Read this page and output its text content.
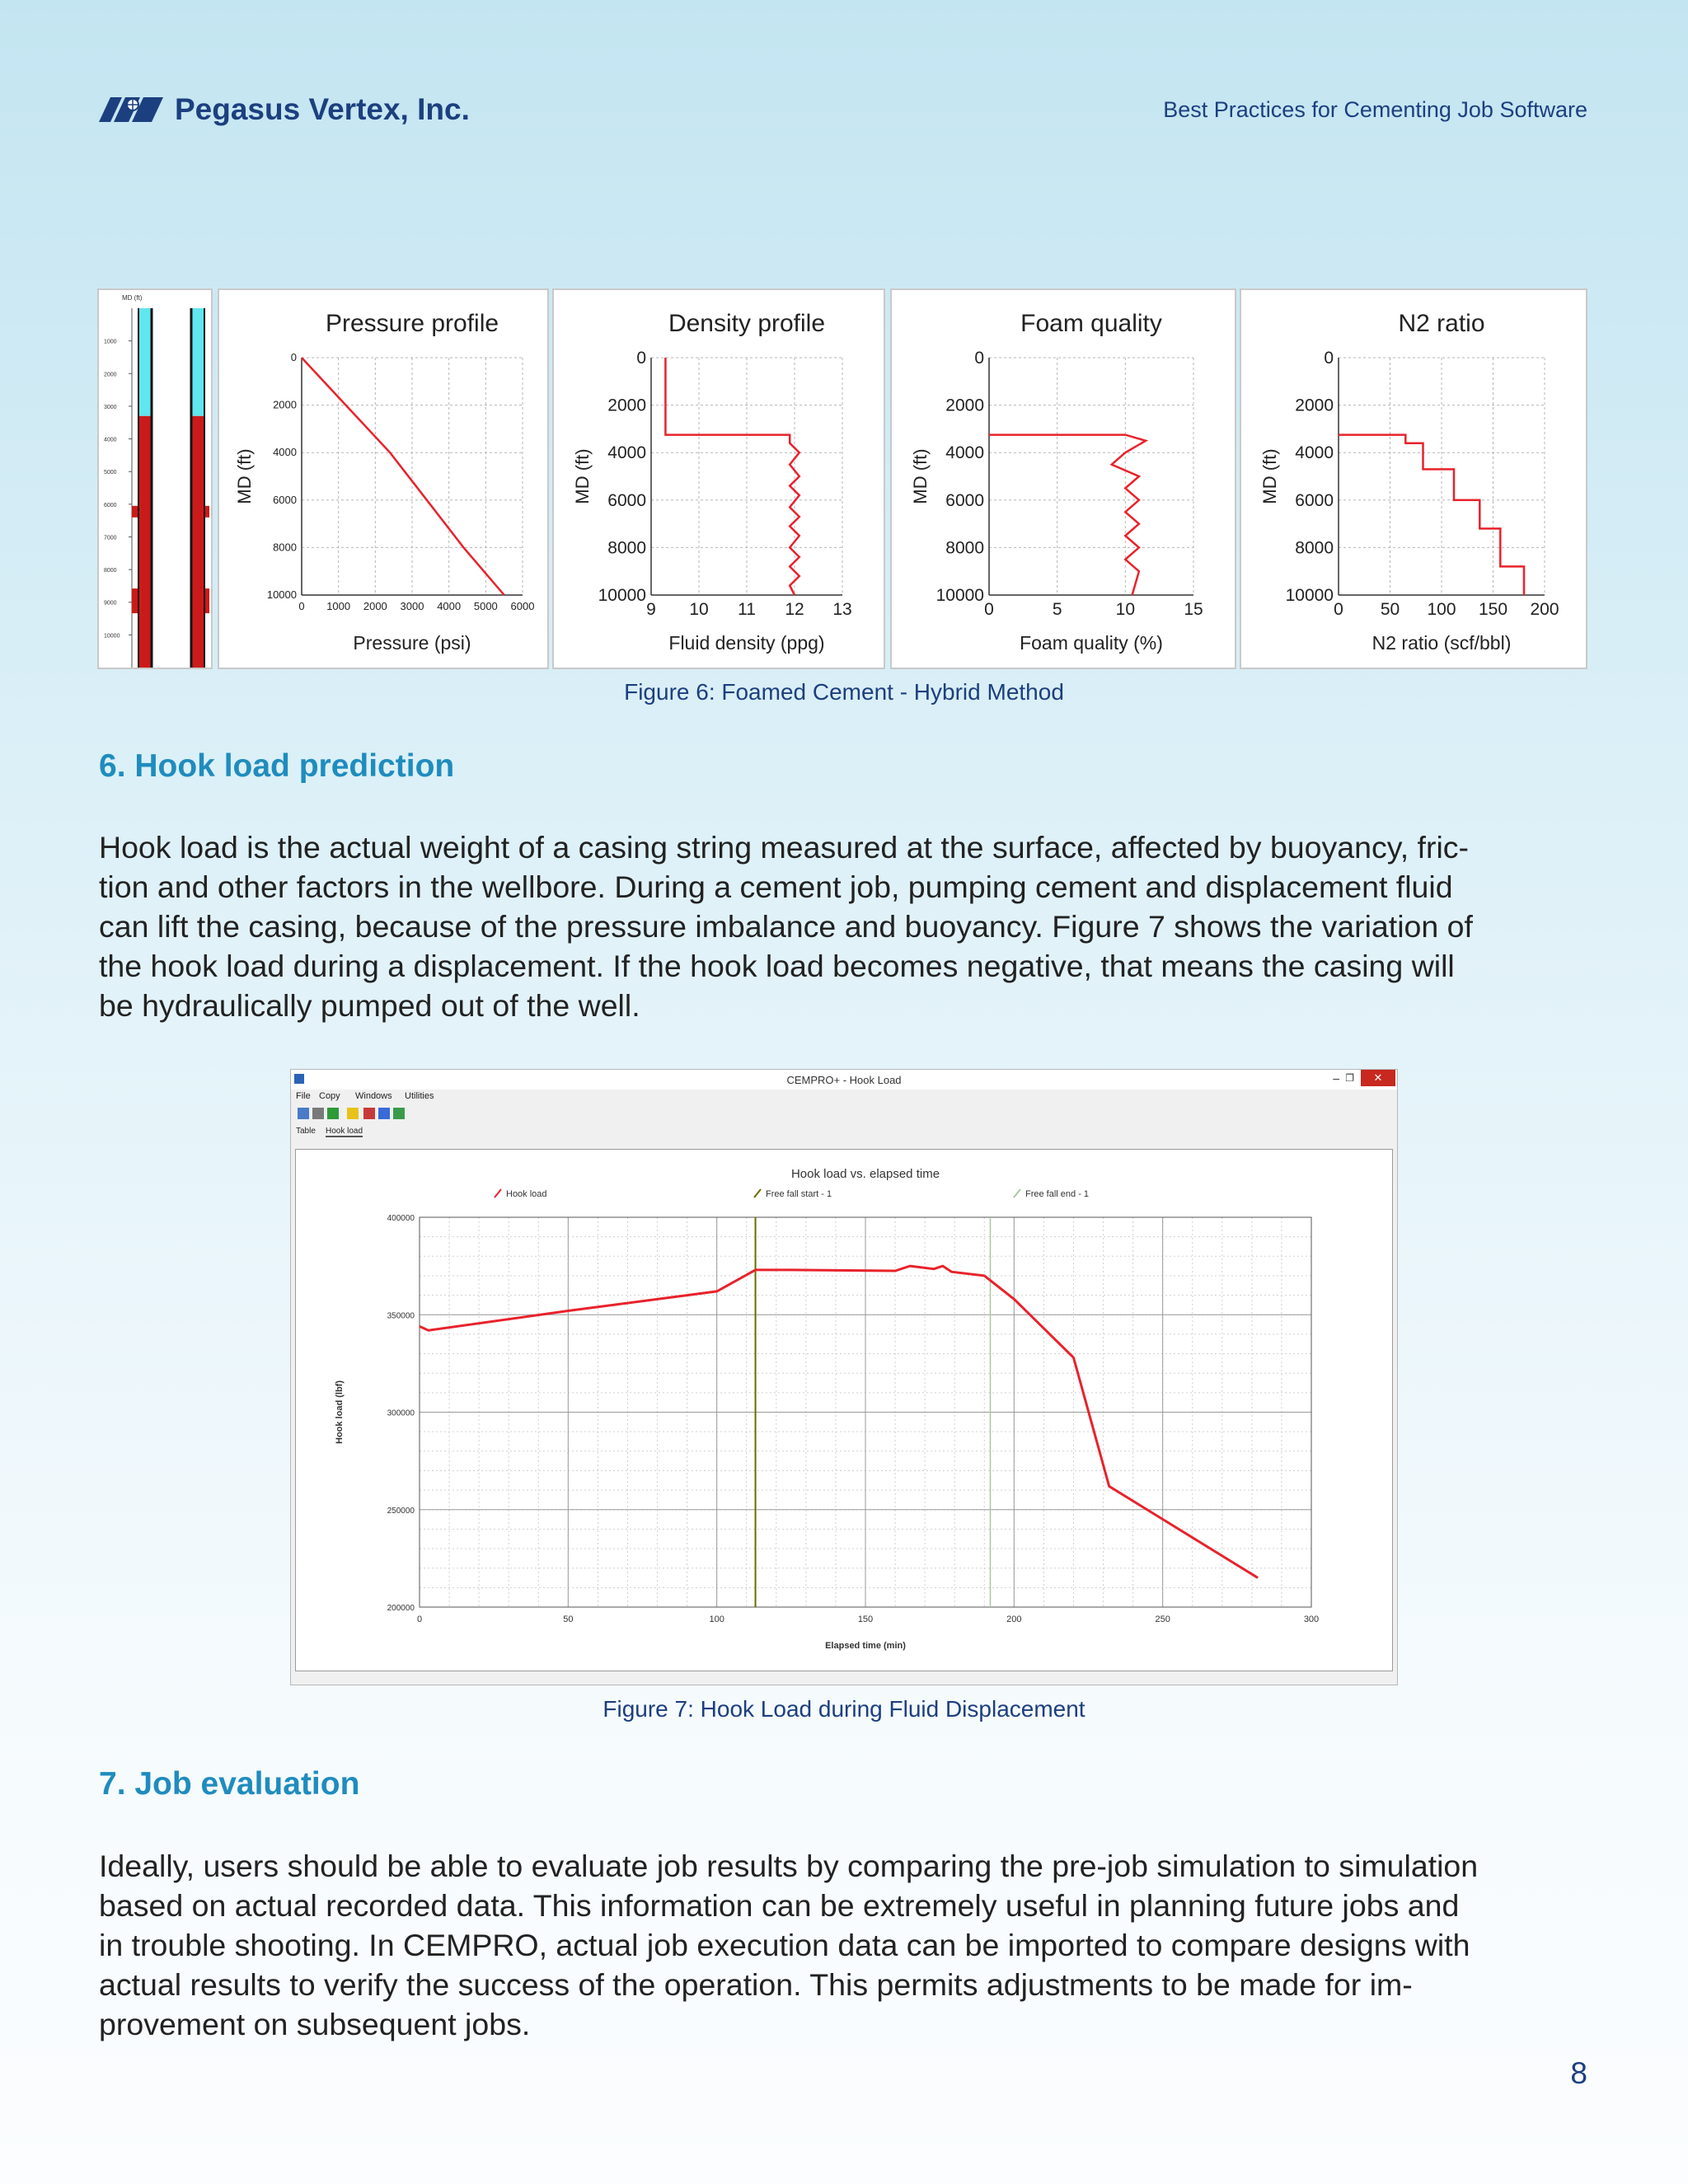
Pegasus Vertex, Inc.	Best Practices for Cementing Job Software
MD (ft)
1000
2000
3000
4000
5000
6000
7000
8000
9000
10000
Pressure profile
0 1000 2000 3000 4000 5000 6000
0
2000
4000
6000
8000
10000
Pressure (psi)
MD (ft)
Density profile
9 10 11 12 13
0
2000
4000
6000
8000
10000
Fluid density (ppg)
MD (ft)
Foam quality
0	5	10	15
0
2000
4000
6000
8000
10000
Foam quality (%)
MD (ft)
N2 ratio
0 50 100 150 200
0
2000
4000
6000
8000
10000
N2 ratio (scf/bbl)
MD (ft)
Figure 6: Foamed Cement - Hybrid Method
6. Hook load prediction
Hook load is the actual weight of a casing string measured at the surface, affected by buoyancy, fric-
tion and other factors in the wellbore. During a cement job, pumping cement and displacement fluid
can lift the casing, because of the pressure imbalance and buoyancy. Figure 7 shows the variation of
the hook load during a displacement. If the hook load becomes negative, that means the casing will
be hydraulically pumped out of the well.
CEMPRO+ - Hook Load	– ❐	✕
File Copy Windows Utilities
Table Hook load
Hook load vs. elapsed time
Hook load	Free fall start - 1	Free fall end - 1
0	50	100	150	200	250	300
200000
250000
300000
350000
400000
Elapsed time (min)
Hook load (lbf)
Figure 7: Hook Load during Fluid Displacement
7. Job evaluation
Ideally, users should be able to evaluate job results by comparing the pre-job simulation to simulation
based on actual recorded data. This information can be extremely useful in planning future jobs and
in trouble shooting. In CEMPRO, actual job execution data can be imported to compare designs with
actual results to verify the success of the operation. This permits adjustments to be made for im-
provement on subsequent jobs.
8
